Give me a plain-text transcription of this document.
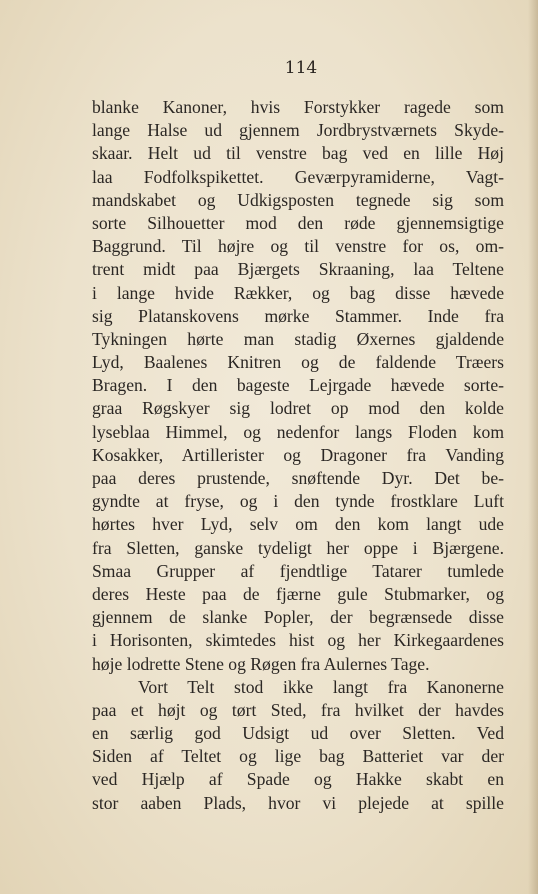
114
blanke Kanoner, hvis Forstykker ragede som
lange Halse ud gjennem Jordbrystværnets Skyde-
skaar. Helt ud til venstre bag ved en lille Høj
laa Fodfolkspikettet. Geværpyramiderne, Vagt-
mandskabet og Udkigsposten tegnede sig som
sorte Silhouetter mod den røde gjennemsigtige
Baggrund. Til højre og til venstre for os, om-
trent midt paa Bjærgets Skraaning, laa Teltene
i lange hvide Rækker, og bag disse hævede
sig Platanskovens mørke Stammer. Inde fra
Tykningen hørte man stadig Øxernes gjaldende
Lyd, Baalenes Knitren og de faldende Træers
Bragen. I den bageste Lejrgade hævede sorte-
graa Røgskyer sig lodret op mod den kolde
lyseblaa Himmel, og nedenfor langs Floden kom
Kosakker, Artillerister og Dragoner fra Vanding
paa deres prustende, snøftende Dyr. Det be-
gyndte at fryse, og i den tynde frostklare Luft
hørtes hver Lyd, selv om den kom langt ude
fra Sletten, ganske tydeligt her oppe i Bjærgene.
Smaa Grupper af fjendtlige Tatarer tumlede
deres Heste paa de fjærne gule Stubmarker, og
gjennem de slanke Popler, der begrænsede disse
i Horisonten, skimtedes hist og her Kirkegaardenes
høje lodrette Stene og Røgen fra Aulernes Tage.
Vort Telt stod ikke langt fra Kanonerne
paa et højt og tørt Sted, fra hvilket der havdes
en særlig god Udsigt ud over Sletten. Ved
Siden af Teltet og lige bag Batteriet var der
ved Hjælp af Spade og Hakke skabt en
stor aaben Plads, hvor vi plejede at spille
